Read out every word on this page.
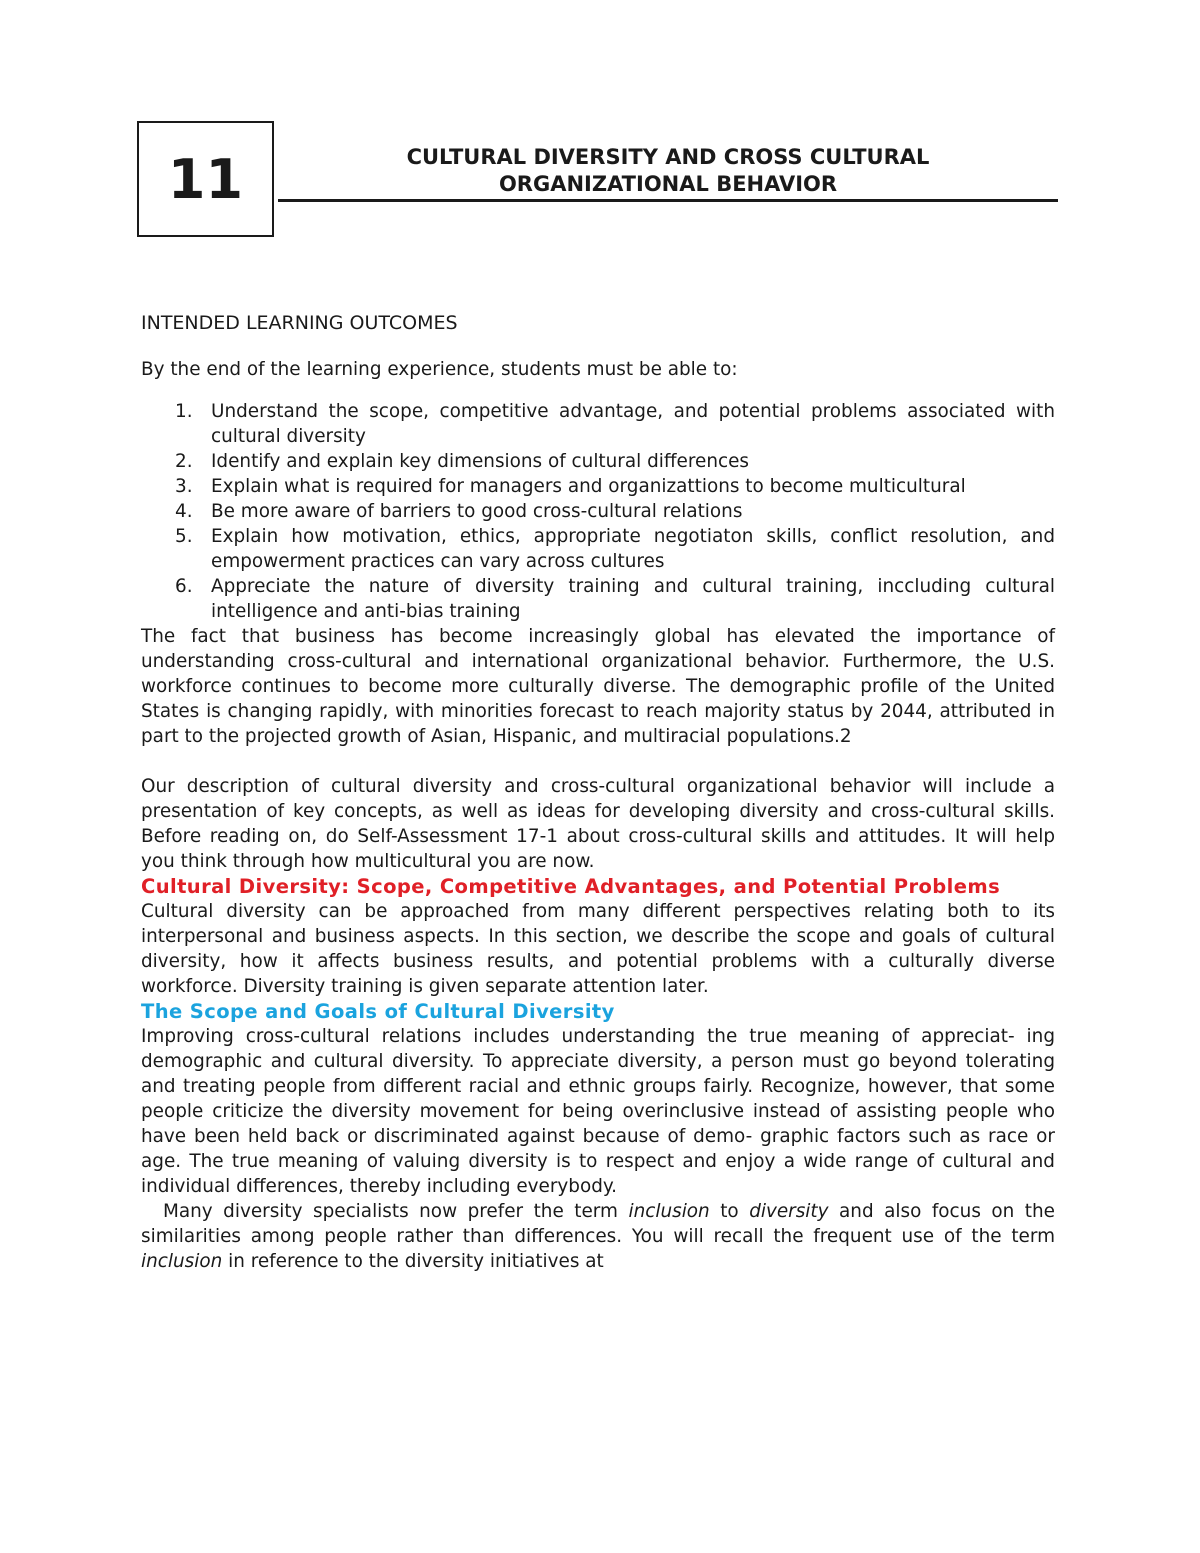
11	CULTURAL DIVERSITY AND CROSS CULTURAL
ORGANIZATIONAL BEHAVIOR

INTENDED LEARNING OUTCOMES

By the end of the learning experience, students must be able to:

1. Understand the scope, competitive advantage, and potential problems associated with cultural diversity
2. Identify and explain key dimensions of cultural differences
3. Explain what is required for managers and organizattions to become multicultural
4. Be more aware of barriers to good cross-cultural relations
5. Explain how motivation, ethics, appropriate negotiaton skills, conflict resolution, and empowerment practices can vary across cultures
6. Appreciate the nature of diversity training and cultural training, inccluding cultural intelligence and anti-bias training

The fact that business has become increasingly global has elevated the importance of understanding cross-cultural and international organizational behavior. Furthermore, the U.S. workforce continues to become more culturally diverse. The demographic profile of the United States is changing rapidly, with minorities forecast to reach majority status by 2044, attributed in part to the projected growth of Asian, Hispanic, and multiracial populations.2

Our description of cultural diversity and cross-cultural organizational behavior will include a presentation of key concepts, as well as ideas for developing diversity and cross-cultural skills. Before reading on, do Self-Assessment 17-1 about cross-cultural skills and attitudes. It will help you think through how multicultural you are now.

Cultural Diversity: Scope, Competitive Advantages, and Potential Problems

Cultural diversity can be approached from many different perspectives relating both to its interpersonal and business aspects. In this section, we describe the scope and goals of cultural diversity, how it affects business results, and potential problems with a culturally diverse workforce. Diversity training is given separate attention later.

The Scope and Goals of Cultural Diversity

Improving cross-cultural relations includes understanding the true meaning of appreciat- ing demographic and cultural diversity. To appreciate diversity, a person must go beyond tolerating and treating people from different racial and ethnic groups fairly. Recognize, however, that some people criticize the diversity movement for being overinclusive instead of assisting people who have been held back or discriminated against because of demo- graphic factors such as race or age. The true meaning of valuing diversity is to respect and enjoy a wide range of cultural and individual differences, thereby including everybody.

Many diversity specialists now prefer the term inclusion to diversity and also focus on the similarities among people rather than differences. You will recall the frequent use of the term inclusion in reference to the diversity initiatives at
